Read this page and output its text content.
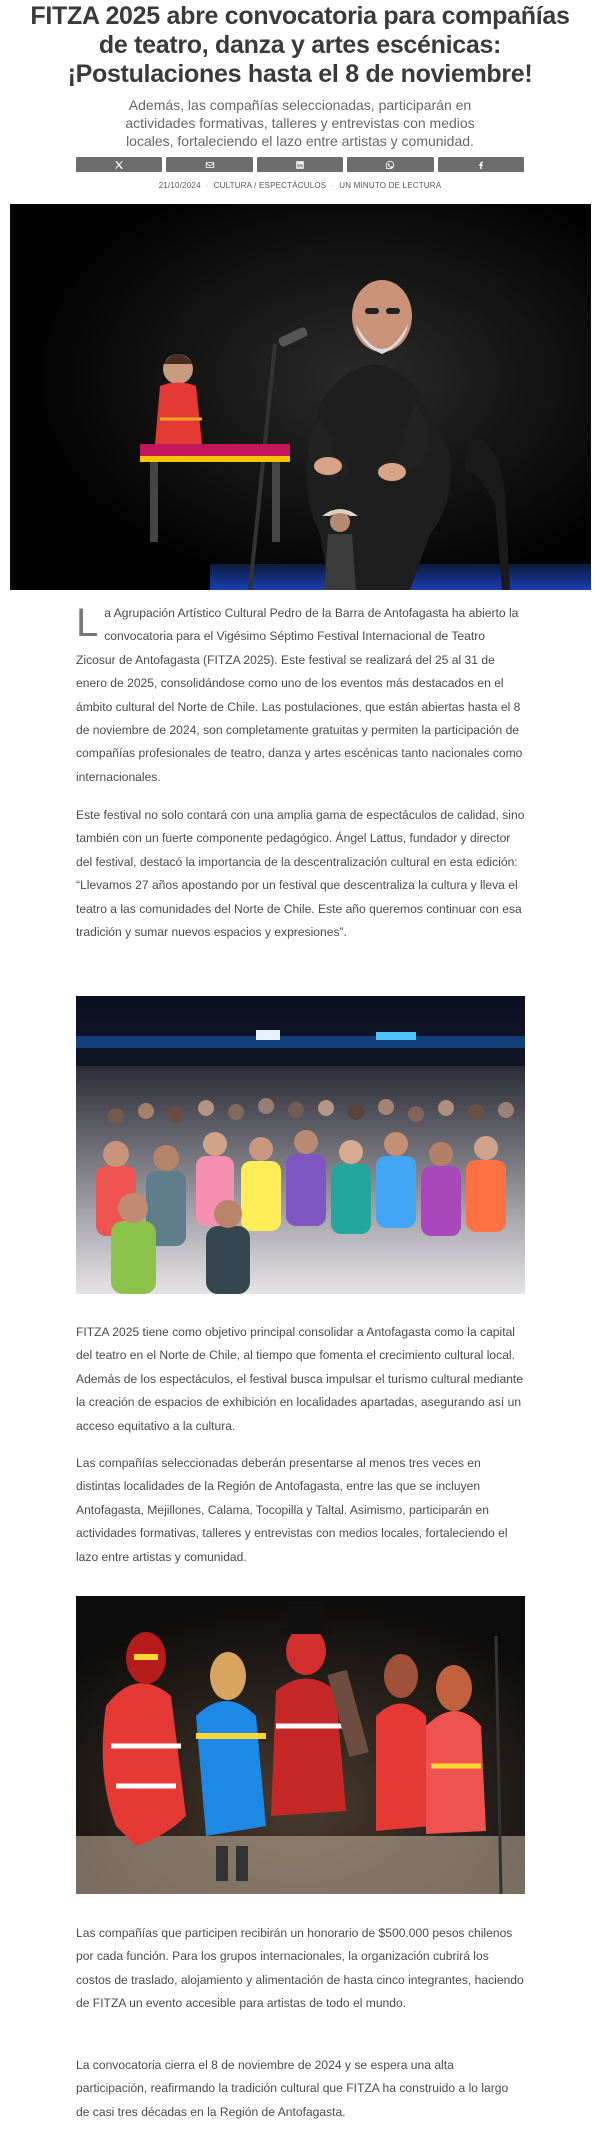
FITZA 2025 abre convocatoria para compañías de teatro, danza y artes escénicas: ¡Postulaciones hasta el 8 de noviembre!

Además, las compañías seleccionadas, participarán en actividades formativas, talleres y entrevistas con medios locales, fortaleciendo el lazo entre artistas y comunidad.

21/10/2024 · CULTURA / ESPECTÁCULOS · UN MINUTO DE LECTURA

La Agrupación Artístico Cultural Pedro de la Barra de Antofagasta ha abierto la convocatoria para el Vigésimo Séptimo Festival Internacional de Teatro Zicosur de Antofagasta (FITZA 2025). Este festival se realizará del 25 al 31 de enero de 2025, consolidándose como uno de los eventos más destacados en el ámbito cultural del Norte de Chile. Las postulaciones, que están abiertas hasta el 8 de noviembre de 2024, son completamente gratuitas y permiten la participación de compañías profesionales de teatro, danza y artes escénicas tanto nacionales como internacionales.

Este festival no solo contará con una amplia gama de espectáculos de calidad, sino también con un fuerte componente pedagógico. Ángel Lattus, fundador y director del festival, destacó la importancia de la descentralización cultural en esta edición: “Llevamos 27 años apostando por un festival que descentraliza la cultura y lleva el teatro a las comunidades del Norte de Chile. Este año queremos continuar con esa tradición y sumar nuevos espacios y expresiones”.

FITZA 2025 tiene como objetivo principal consolidar a Antofagasta como la capital del teatro en el Norte de Chile, al tiempo que fomenta el crecimiento cultural local. Además de los espectáculos, el festival busca impulsar el turismo cultural mediante la creación de espacios de exhibición en localidades apartadas, asegurando así un acceso equitativo a la cultura.

Las compañías seleccionadas deberán presentarse al menos tres veces en distintas localidades de la Región de Antofagasta, entre las que se incluyen Antofagasta, Mejillones, Calama, Tocopilla y Taltal. Asimismo, participarán en actividades formativas, talleres y entrevistas con medios locales, fortaleciendo el lazo entre artistas y comunidad.

Las compañías que participen recibirán un honorario de $500.000 pesos chilenos por cada función. Para los grupos internacionales, la organización cubrirá los costos de traslado, alojamiento y alimentación de hasta cinco integrantes, haciendo de FITZA un evento accesible para artistas de todo el mundo.

La convocatoria cierra el 8 de noviembre de 2024 y se espera una alta participación, reafirmando la tradición cultural que FITZA ha construido a lo largo de casi tres décadas en la Región de Antofagasta.
